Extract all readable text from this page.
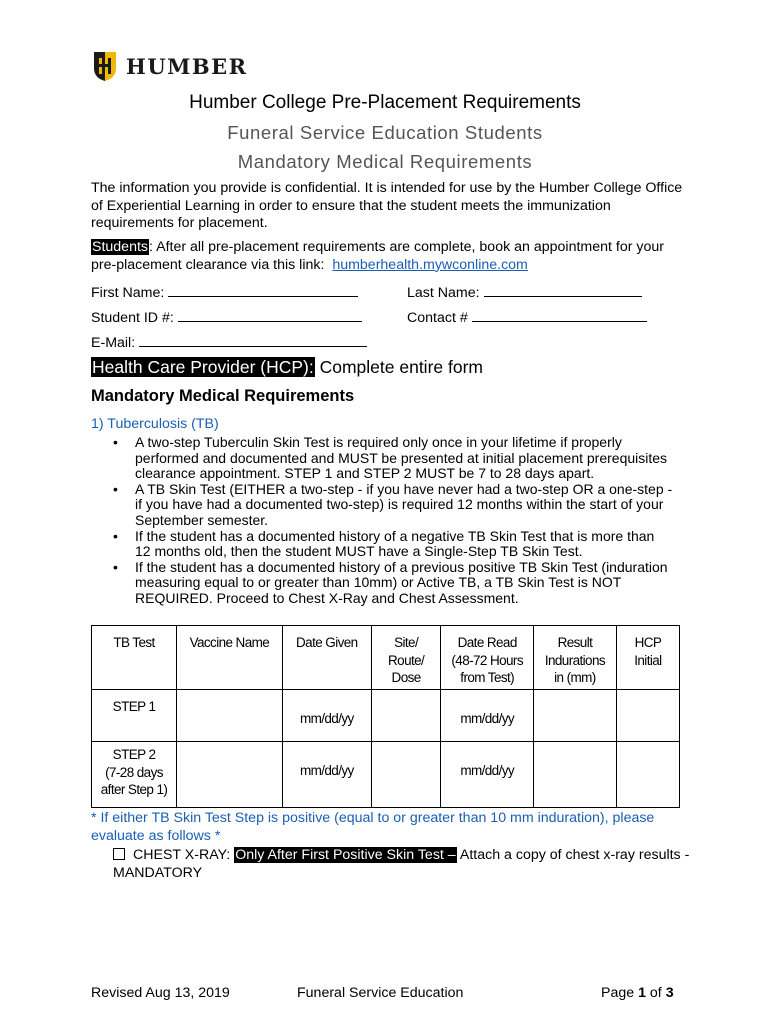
HUMBER
Humber College Pre-Placement Requirements
Funeral Service Education Students
Mandatory Medical Requirements
The information you provide is confidential. It is intended for use by the Humber College Office of Experiential Learning in order to ensure that the student meets the immunization requirements for placement.
Students: After all pre-placement requirements are complete, book an appointment for your pre-placement clearance via this link: humberhealth.mywconline.com
First Name:	Last Name:
Student ID #:	Contact #
E-Mail:
Health Care Provider (HCP): Complete entire form
Mandatory Medical Requirements
1) Tuberculosis (TB)
• A two-step Tuberculin Skin Test is required only once in your lifetime if properly performed and documented and MUST be presented at initial placement prerequisites clearance appointment. STEP 1 and STEP 2 MUST be 7 to 28 days apart.
• A TB Skin Test (EITHER a two-step - if you have never had a two-step OR a one-step - if you have had a documented two-step) is required 12 months within the start of your September semester.
• If the student has a documented history of a negative TB Skin Test that is more than 12 months old, then the student MUST have a Single-Step TB Skin Test.
• If the student has a documented history of a previous positive TB Skin Test (induration measuring equal to or greater than 10mm) or Active TB, a TB Skin Test is NOT REQUIRED. Proceed to Chest X-Ray and Chest Assessment.
TB Test	Vaccine Name	Date Given	Site/
Route/
Dose	Date Read
(48-72 Hours
from Test)	Result
Indurations
in (mm)	HCP
Initial
STEP 1		mm/dd/yy		mm/dd/yy		
STEP 2
(7-28 days
after Step 1)		mm/dd/yy		mm/dd/yy		
* If either TB Skin Test Step is positive (equal to or greater than 10 mm induration), please evaluate as follows *
CHEST X-RAY: Only After First Positive Skin Test – Attach a copy of chest x-ray results - MANDATORY
Revised Aug 13, 2019	Funeral Service Education	Page 1 of 3
